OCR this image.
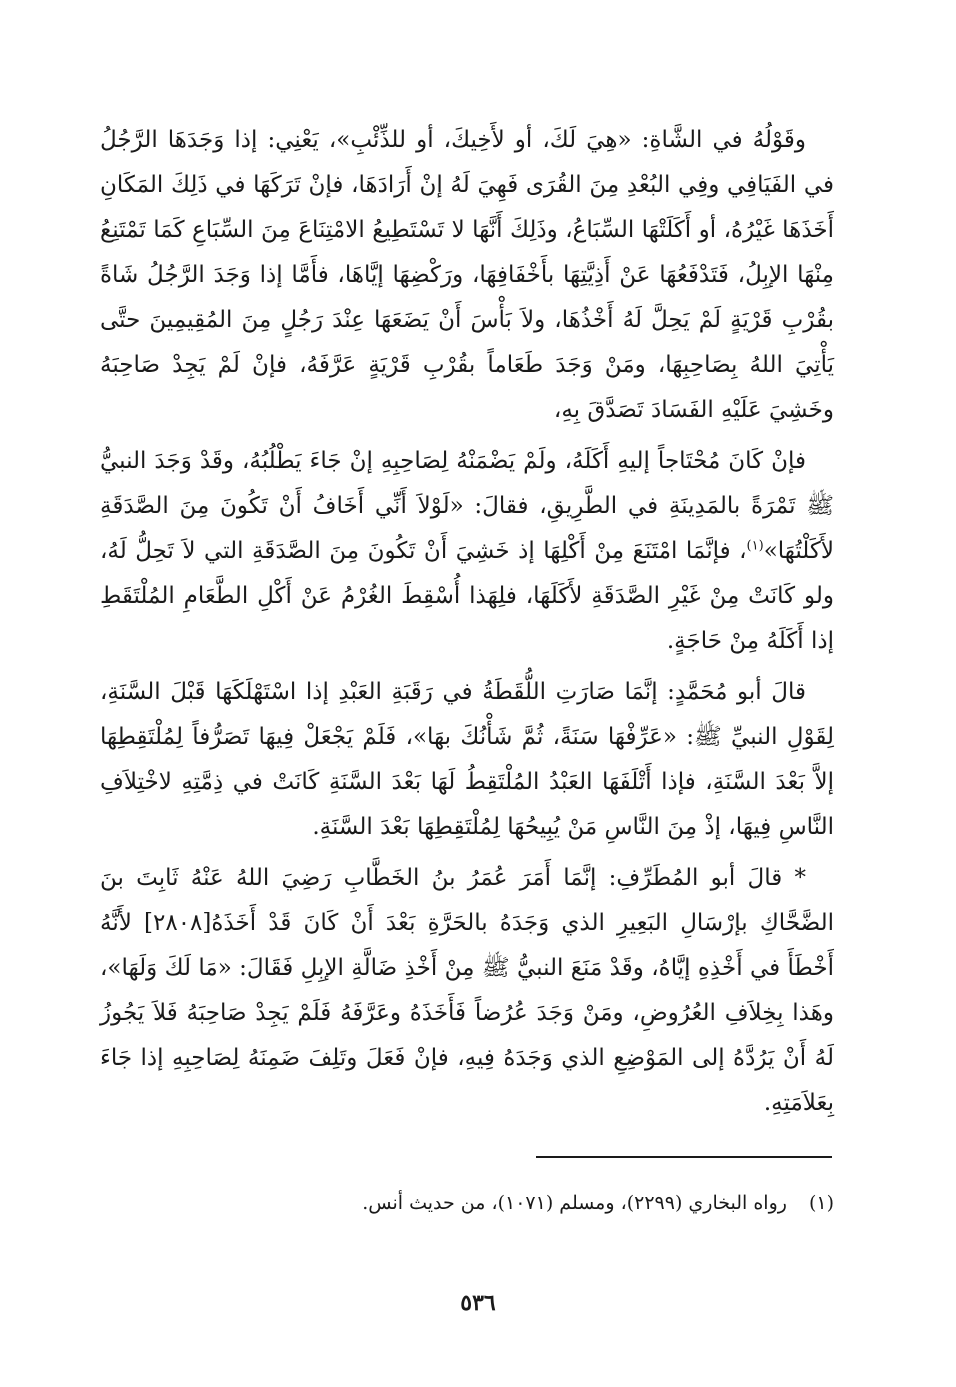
وقَوْلُهُ في الشَّاةِ: «هِيَ لَكَ، أو لأَخِيكَ، أو للذِّئْبِ»، يَعْنِي: إذا وَجَدَهَا الرَّجُلُ في الفَيَافِي وفِي البُعْدِ مِنَ القُرَى فَهِيَ لَهُ إنْ أَرَادَهَا، فإنْ تَرَكَهَا في ذَلِكَ المَكَانِ أَخَذَهَا غَيْرُهُ، أو أَكَلَتْهَا السِّبَاعُ، وذَلِكَ أَنَّهَا لا تَسْتَطِيعُ الامْتِنَاعَ مِنَ السِّبَاعِ كَمَا تَمْتَنِعُ مِنْهَا الإبِلُ، فَتَدْفَعُهَا عَنْ أَذِيَّتِهَا بأَخْفَافِهَا، ورَكْضِهَا إيَّاهَا، فأَمَّا إذا وَجَدَ الرَّجُلُ شَاةً بقُرْبِ قَرْيَةٍ لَمْ يَحِلَّ لَهُ أَخْذُهَا، ولاَ بَأْسَ أَنْ يَضَعَهَا عِنْدَ رَجُلٍ مِنَ المُقِيمِينَ حتَّى يَأْتِيَ اللهُ بِصَاحِبِهَا، ومَنْ وَجَدَ طَعَاماً بقُرْبِ قَرْيَةٍ عَرَّفَهُ، فإنْ لَمْ يَجِدْ صَاحِبَهُ وخَشِيَ عَلَيْهِ الفَسَادَ تَصَدَّقَ بِهِ،

فإنْ كَانَ مُحْتَاجاً إليهِ أَكَلَهُ، ولَمْ يَضْمَنْهُ لِصَاحِبِهِ إنْ جَاءَ يَطْلُبُهُ، وقَدْ وَجَدَ النبيُّ ﷺ تَمْرَةً بالمَدِينَةِ في الطَّرِيقِ، فقالَ: «لَوْلاَ أَنِّي أَخَافُ أَنْ تَكُونَ مِنَ الصَّدَقَةِ لأَكَلْتُهَا»$^{(١)}$، فإنَّمَا امْتَنَعَ مِنْ أَكْلِهَا إذ خَشِيَ أَنْ تَكُونَ مِنَ الصَّدَقَةِ التي لاَ تَحِلُّ لَهُ، ولو كَانَتْ مِنْ غَيْرِ الصَّدَقَةِ لأَكَلَهَا، فلِهَذا أُسْقِطَ الغُرْمُ عَنْ أَكْلِ الطَّعَامِ المُلْتَقَطِ إذا أَكَلَهُ مِنْ حَاجَةٍ.

قالَ أبو مُحَمَّدٍ: إنَّمَا صَارَتِ اللُّقَطَةُ في رَقَبَةِ العَبْدِ إذا اسْتَهْلَكَهَا قَبْلَ السَّنَةِ، لِقَوْلِ النبيِّ ﷺ: «عَرِّفْهَا سَنَةً، ثُمَّ شَأْنُكَ بهَا»، فَلَمْ يَجْعَلْ فِيهَا تَصَرُّفاً لِمُلْتَقِطِهَا إلاَّ بَعْدَ السَّنَةِ، فإذا أَتْلَفَهَا العَبْدُ المُلْتَقِطُ لَهَا بَعْدَ السَّنَةِ كَانَتْ في ذِمَّتِهِ لاخْتِلاَفِ النَّاسِ فِيهَا، إذْ مِنَ النَّاسِ مَنْ يُبِيحُهَا لِمُلْتَقِطِهَا بَعْدَ السَّنَةِ.

* قالَ أبو المُطَرِّفِ: إنَّمَا أَمَرَ عُمَرُ بنُ الخَطَّابِ رَضِيَ اللهُ عَنْهُ ثَابِتَ بنَ الضَّحَّاكِ بإرْسَالِ البَعِيرِ الذي وَجَدَهُ بالحَرَّةِ بَعْدَ أَنْ كَانَ قَدْ أَخَذَهُ[٢٨٠٨] لأَنَّهُ أَخْطَأَ في أَخْذِهِ إيَّاهُ، وقَدْ مَنَعَ النبيُّ ﷺ مِنْ أَخْذِ ضَالَّةِ الإبِلِ فَقَالَ: «مَا لَكَ وَلَهَا»، وهَذا بِخِلاَفِ العُرُوضِ، ومَنْ وَجَدَ عُرُضاً فَأَخَذَهُ وعَرَّفَهُ فَلَمْ يَجِدْ صَاحِبَهُ فَلاَ يَجُوزُ لَهُ أَنْ يَرُدَّهُ إلى المَوْضِعِ الذي وَجَدَهُ فِيهِ، فإنْ فَعَلَ وتَلِفَ ضَمِنَهُ لِصَاحِبِهِ إذا جَاءَ بِعَلاَمَتِهِ.

(١)رواه البخاري (٢٢٩٩)، ومسلم (١٠٧١)، من حديث أنس.
٥٣٦
